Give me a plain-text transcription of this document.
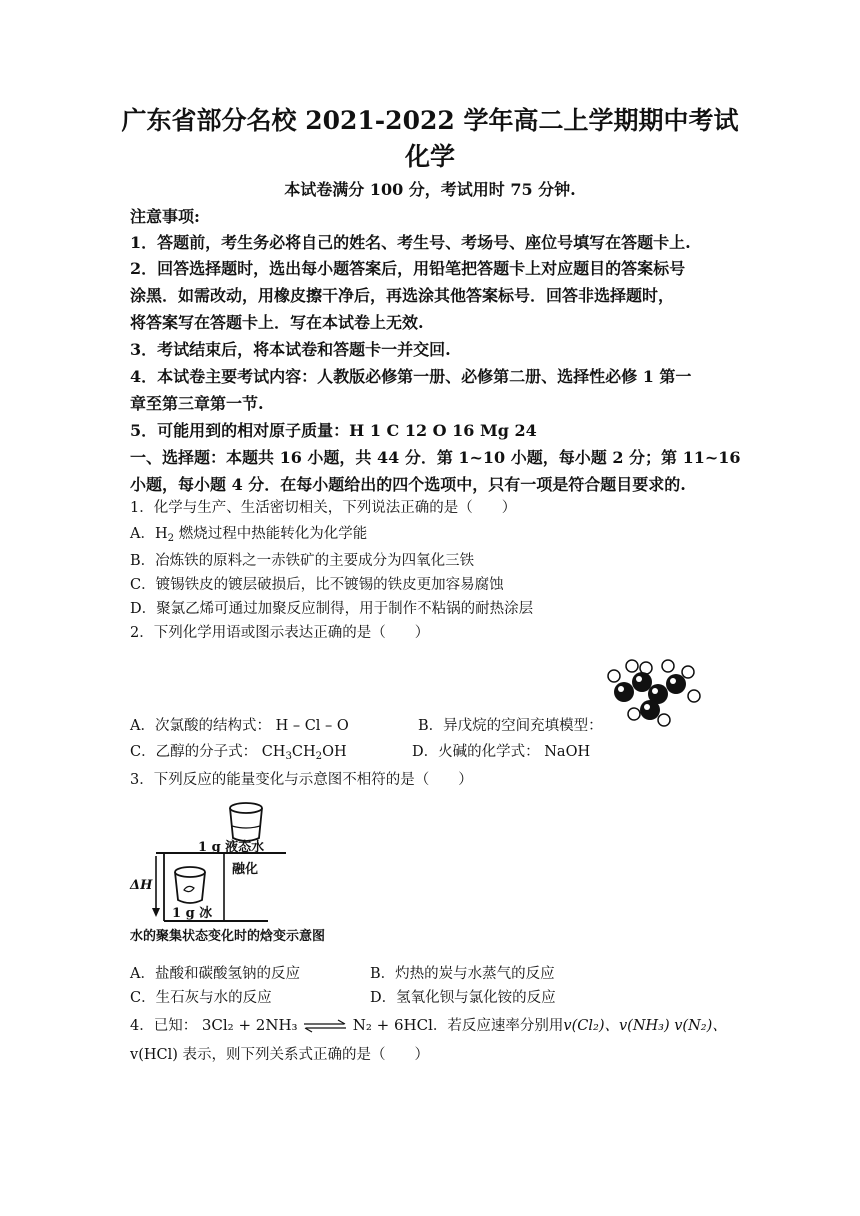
广东省部分名校 2021-2022 学年高二上学期期中考试
化学
本试卷满分 100 分，考试用时 75 分钟.
注意事项:
1．答题前，考生务必将自己的姓名、考生号、考场号、座位号填写在答题卡上.
2．回答选择题时，选出每小题答案后，用铅笔把答题卡上对应题目的答案标号
涂黑．如需改动，用橡皮擦干净后，再选涂其他答案标号．回答非选择题时，
将答案写在答题卡上．写在本试卷上无效.
3．考试结束后，将本试卷和答题卡一并交回.
4．本试卷主要考试内容：人教版必修第一册、必修第二册、选择性必修 1 第一
章至第三章第一节.
5．可能用到的相对原子质量：H 1 C 12 O 16 Mg 24
一、选择题：本题共 16 小题，共 44 分．第 1~10 小题，每小题 2 分；第 11~16
小题，每小题 4 分．在每小题给出的四个选项中，只有一项是符合题目要求的.
1．化学与生产、生活密切相关，下列说法正确的是（　　）
A．$H_2$ 燃烧过程中热能转化为化学能
B．冶炼铁的原料之一赤铁矿的主要成分为四氧化三铁
C．镀锡铁皮的镀层破损后，比不镀锡的铁皮更加容易腐蚀
D．聚氯乙烯可通过加聚反应制得，用于制作不粘锅的耐热涂层
2．下列化学用语或图示表达正确的是（　　）
A．次氯酸的结构式： H – Cl – O	B．异戊烷的空间充填模型：
C．乙醇的分子式： $CH_3CH_2OH$	D．火碱的化学式： NaOH
3．下列反应的能量变化与示意图不相符的是（　　）
1 g 液态水
融化
ΔH
1 g 冰
水的聚集状态变化时的焓变示意图
A．盐酸和碳酸氢钠的反应	B．灼热的炭与水蒸气的反应
C．生石灰与水的反应	D．氢氧化钡与氯化铵的反应
4．已知： 3Cl₂ + 2NH₃ ⇌ N₂ + 6HCl．若反应速率分别用v(Cl₂)、v(NH₃) v(N₂)、
v(HCl) 表示，则下列关系式正确的是（　　）
